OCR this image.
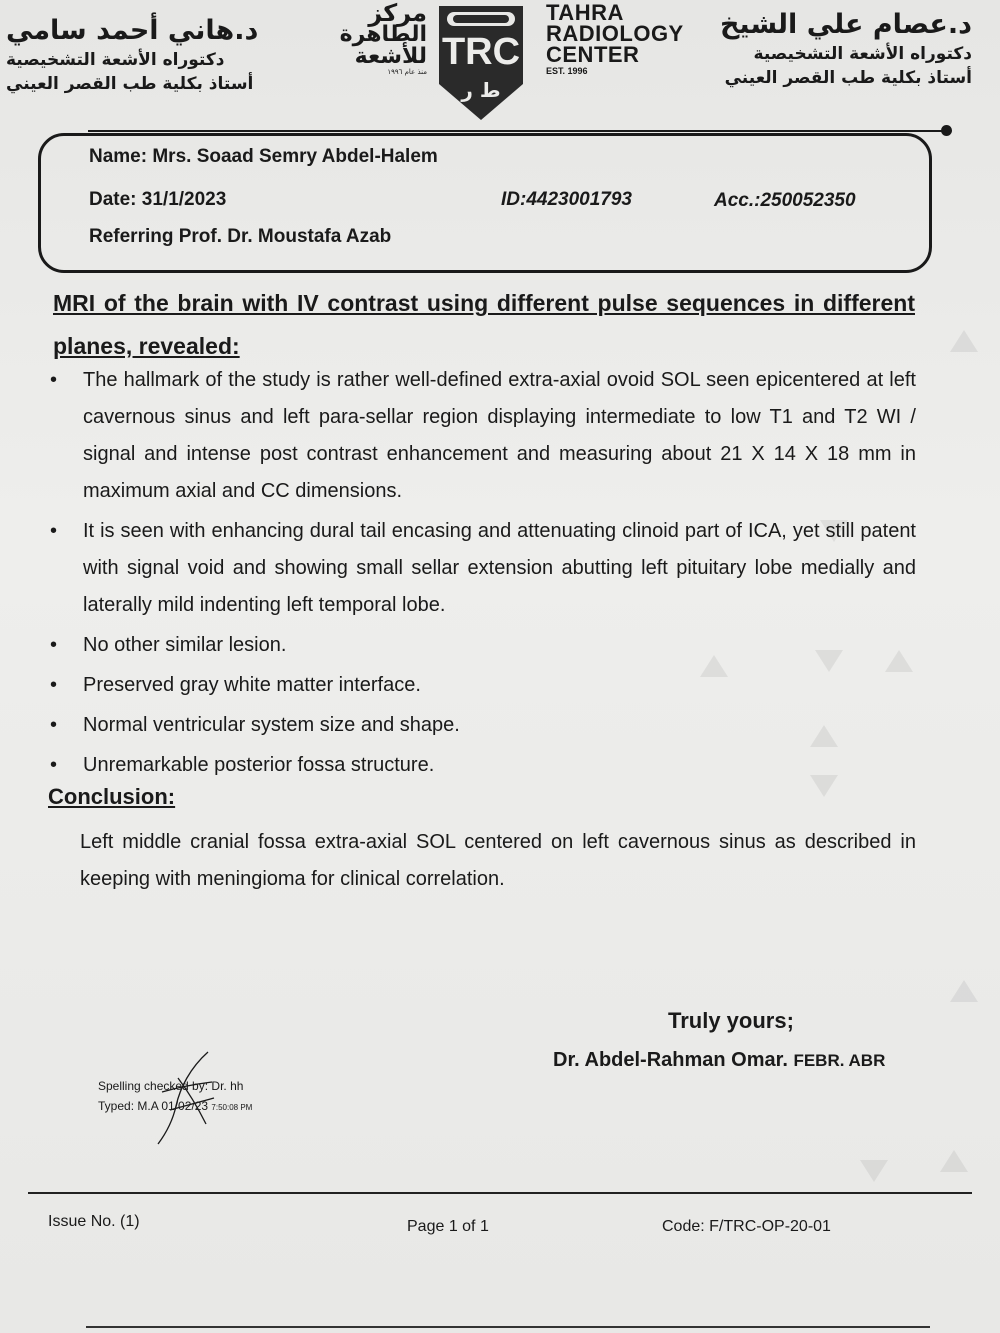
د.هاني أحمد سامي
دكتوراه الأشعة التشخيصية
أستاذ بكلية طب القصر العيني
مركز
الطاهرة
للأشعة
منذ عام ١٩٩٦ TRC
ط ر
TAHRA
RADIOLOGY
CENTER
EST. 1996
د.عصام علي الشيخ
دكتوراه الأشعة التشخيصية
أستاذ بكلية طب القصر العيني
Name: Mrs. Soaad Semry Abdel-Halem
Date: 31/1/2023	ID:4423001793	Acc.:250052350
Referring Prof. Dr. Moustafa Azab
MRI of the brain with IV contrast using different pulse sequences in different planes, revealed:
• The hallmark of the study is rather well-defined extra-axial ovoid SOL seen epicentered at left cavernous sinus and left para-sellar region displaying intermediate to low T1 and T2 WI / signal and intense post contrast enhancement and measuring about 21 X 14 X 18 mm in maximum axial and CC dimensions.
• It is seen with enhancing dural tail encasing and attenuating clinoid part of ICA, yet still patent with signal void and showing small sellar extension abutting left pituitary lobe medially and laterally mild indenting left temporal lobe.
• No other similar lesion.
• Preserved gray white matter interface.
• Normal ventricular system size and shape.
• Unremarkable posterior fossa structure.
Conclusion:
Left middle cranial fossa extra-axial SOL centered on left cavernous sinus as described in keeping with meningioma for clinical correlation.
Truly yours;
Dr. Abdel-Rahman Omar. FEBR. ABR
Spelling checked by: Dr. hh
Typed: M.A 01/02/23 7:50:08 PM
Issue No. (1)	Page 1 of 1	Code: F/TRC-OP-20-01
